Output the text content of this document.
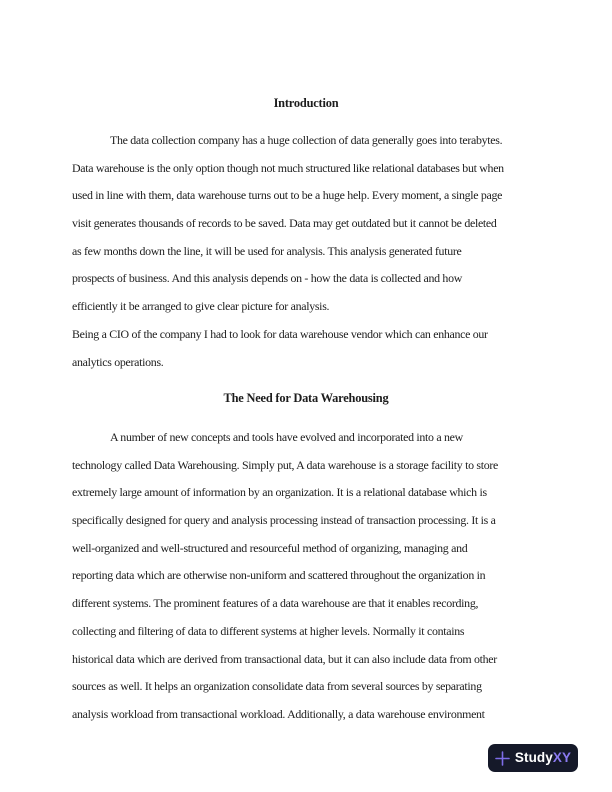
Introduction
The data collection company has a huge collection of data generally goes into terabytes.
Data warehouse is the only option though not much structured like relational databases but when
used in line with them, data warehouse turns out to be a huge help. Every moment, a single page
visit generates thousands of records to be saved. Data may get outdated but it cannot be deleted
as few months down the line, it will be used for analysis. This analysis generated future
prospects of business. And this analysis depends on - how the data is collected and how
efficiently it be arranged to give clear picture for analysis.
Being a CIO of the company I had to look for data warehouse vendor which can enhance our
analytics operations.
The Need for Data Warehousing
A number of new concepts and tools have evolved and incorporated into a new
technology called Data Warehousing. Simply put, A data warehouse is a storage facility to store
extremely large amount of information by an organization. It is a relational database which is
specifically designed for query and analysis processing instead of transaction processing. It is a
well-organized and well-structured and resourceful method of organizing, managing and
reporting data which are otherwise non-uniform and scattered throughout the organization in
different systems. The prominent features of a data warehouse are that it enables recording,
collecting and filtering of data to different systems at higher levels. Normally it contains
historical data which are derived from transactional data, but it can also include data from other
sources as well. It helps an organization consolidate data from several sources by separating
analysis workload from transactional workload. Additionally, a data warehouse environment
StudyXY
